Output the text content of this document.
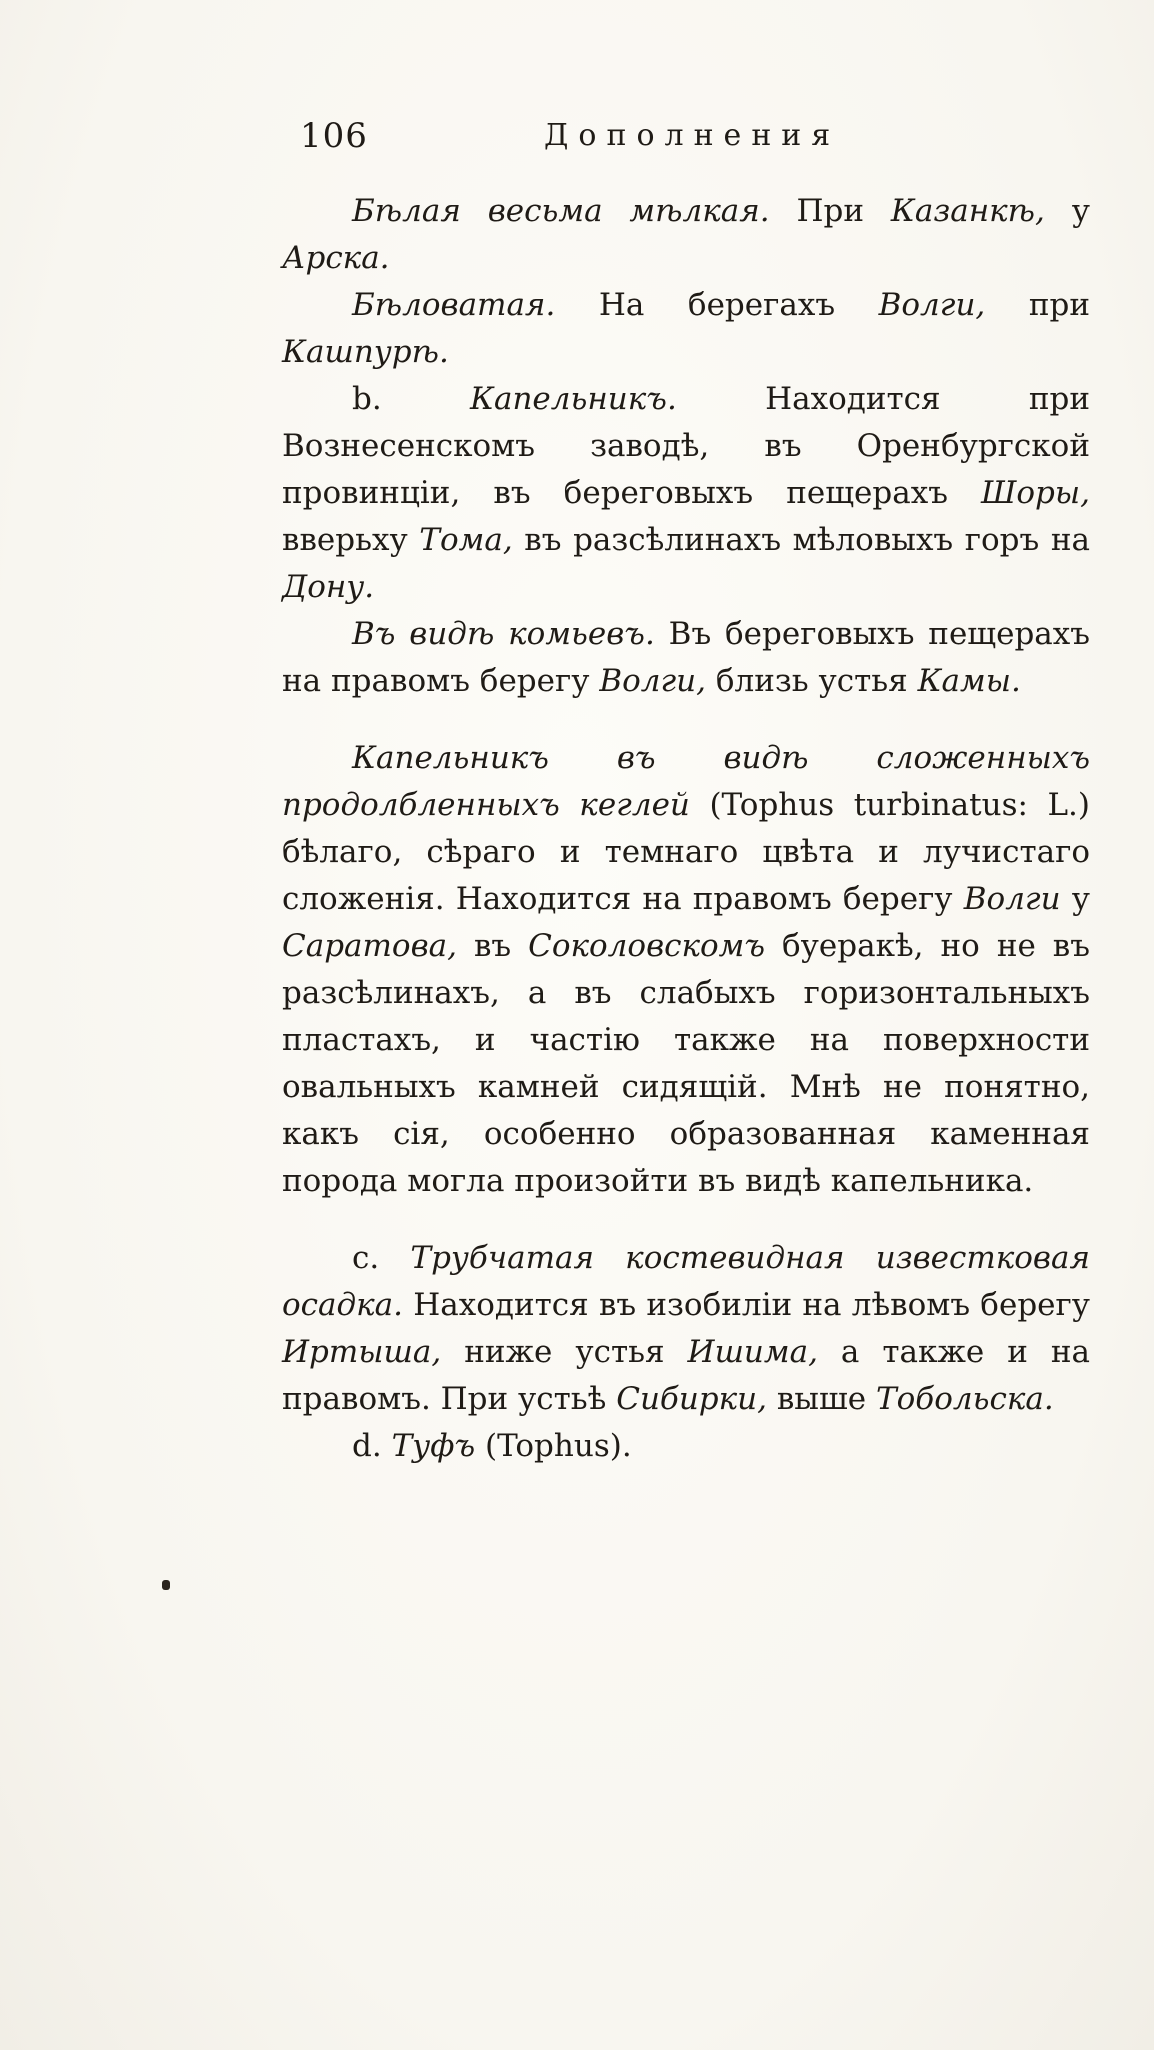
106	Дополнения

Бѣлая весьма мѣлкая. При Казанкѣ, у Арска.

Бѣловатая. На берегахъ Волги, при Кашпурѣ.

b. Капельникъ. Находится при Вознесенскомъ заводѣ, въ Оренбургской провинціи, въ береговыхъ пещерахъ Шоры, вверьху Тома, въ разсѣлинахъ мѣловыхъ горъ на Дону.

Въ видѣ комьевъ. Въ береговыхъ пещерахъ на правомъ берегу Волги, близь устья Камы.

Капельникъ въ видѣ сложенныхъ продолбленныхъ кеглей (Tophus turbinatus: L.) бѣлаго, сѣраго и темнаго цвѣта и лучистаго сложенія. Находится на правомъ берегу Волги у Саратова, въ Соколовскомъ буеракѣ, но не въ разсѣлинахъ, а въ слабыхъ горизонтальныхъ пластахъ, и частію также на поверхности овальныхъ камней сидящій. Мнѣ не понятно, какъ сія, особенно образованная каменная порода могла произойти въ видѣ капельника.

c. Трубчатая костевидная известковая осадка. Находится въ изобиліи на лѣвомъ берегу Иртыша, ниже устья Ишима, а также и на правомъ. При устьѣ Сибирки, выше Тобольска.

d. Туфъ (Tophus).
